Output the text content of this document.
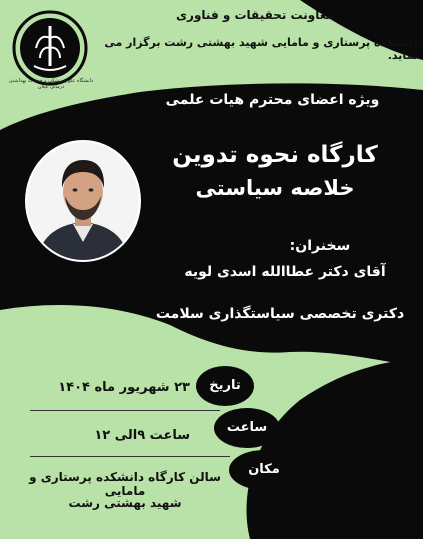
دانشگاه علوم پزشکی و خدمات بهداشتی درمانی گیلان
معاونت تحقیقات و فناوری
دانشکده پرستاری و مامایی شهید بهشتی رشت برگزار می نماید.
ویژه اعضای محترم هیات علمی
کارگاه نحوه تدوین
خلاصه سیاستی
سخنران:
آقای دکتر عطاالله اسدی لویه
دکتری تخصصی سیاستگذاری سلامت
تاریخ
۲۳ شهریور ماه ۱۴۰۴
ساعت
ساعت ۹الی ۱۲
مکان
سالن کارگاه دانشکده پرستاری و مامایی
شهید بهشتی رشت
